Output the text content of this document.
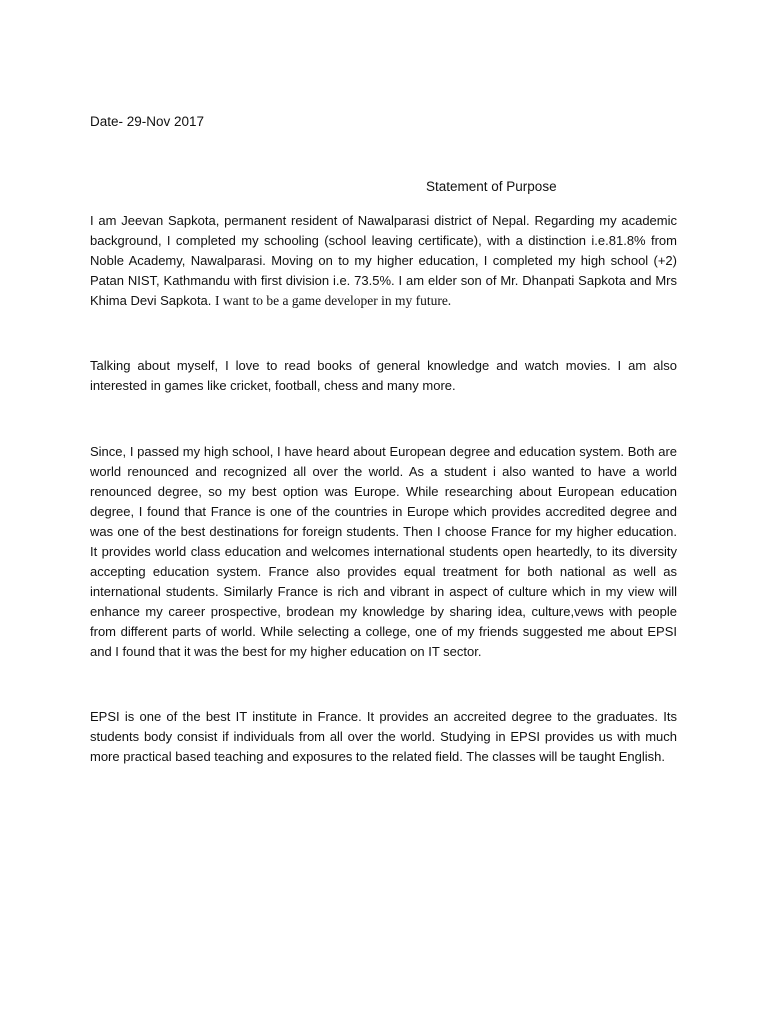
Date- 29-Nov 2017
Statement of Purpose

I am Jeevan Sapkota, permanent resident of Nawalparasi district of Nepal. Regarding my academic background, I completed my schooling (school leaving certificate), with a distinction i.e.81.8% from Noble Academy, Nawalparasi. Moving on to my higher education, I completed my high school (+2) Patan NIST, Kathmandu with first division i.e. 73.5%. I am elder son of Mr. Dhanpati Sapkota and Mrs Khima Devi Sapkota. I want to be a game developer in my future.

Talking about myself, I love to read books of general knowledge and watch movies. I am also interested in games like cricket, football, chess and many more.

Since, I passed my high school, I have heard about European degree and education system. Both are world renounced and recognized all over the world. As a student i also wanted to have a world renounced degree, so my best option was Europe. While researching about European education degree, I found that France is one of the countries in Europe which provides accredited degree and was one of the best destinations for foreign students. Then I choose France for my higher education. It provides world class education and welcomes international students open heartedly, to its diversity accepting education system. France also provides equal treatment for both national as well as international students. Similarly France is rich and vibrant in aspect of culture which in my view will enhance my career prospective, brodean my knowledge by sharing idea, culture,vews with people from different parts of world. While selecting a college, one of my friends suggested me about EPSI and I found that it was the best for my higher education on IT sector.

EPSI is one of the best IT institute in France. It provides an accreited degree to the graduates. Its students body consist if individuals from all over the world. Studying in EPSI provides us with much more practical based teaching and exposures to the related field. The classes will be taught English.
